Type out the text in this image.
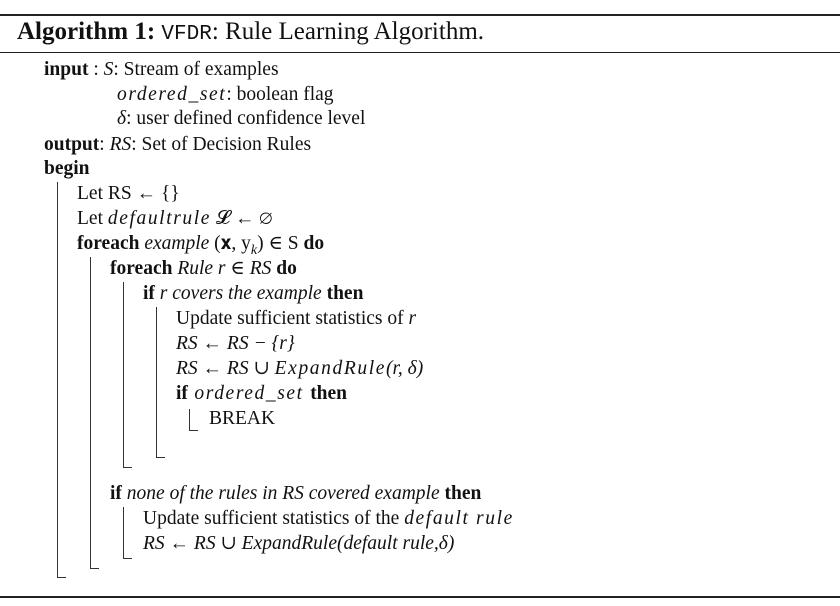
Algorithm 1: VFDR: Rule Learning Algorithm.
input : S: Stream of examples
ordered_set: boolean flag
δ: user defined confidence level
output: RS: Set of Decision Rules
begin
Let RS ← {}
Let defaultrule 𝓛 ← ∅
foreach example (𝐱, $y_k$) ∈ S do
foreach Rule r ∈ RS do
if r covers the example then
Update sufficient statistics of r
RS ← RS − {r}
RS ← RS ∪ ExpandRule(r, δ)
if ordered_set then
BREAK
if none of the rules in RS covered example then
Update sufficient statistics of the default rule
RS ← RS ∪ ExpandRule(default rule,δ)
